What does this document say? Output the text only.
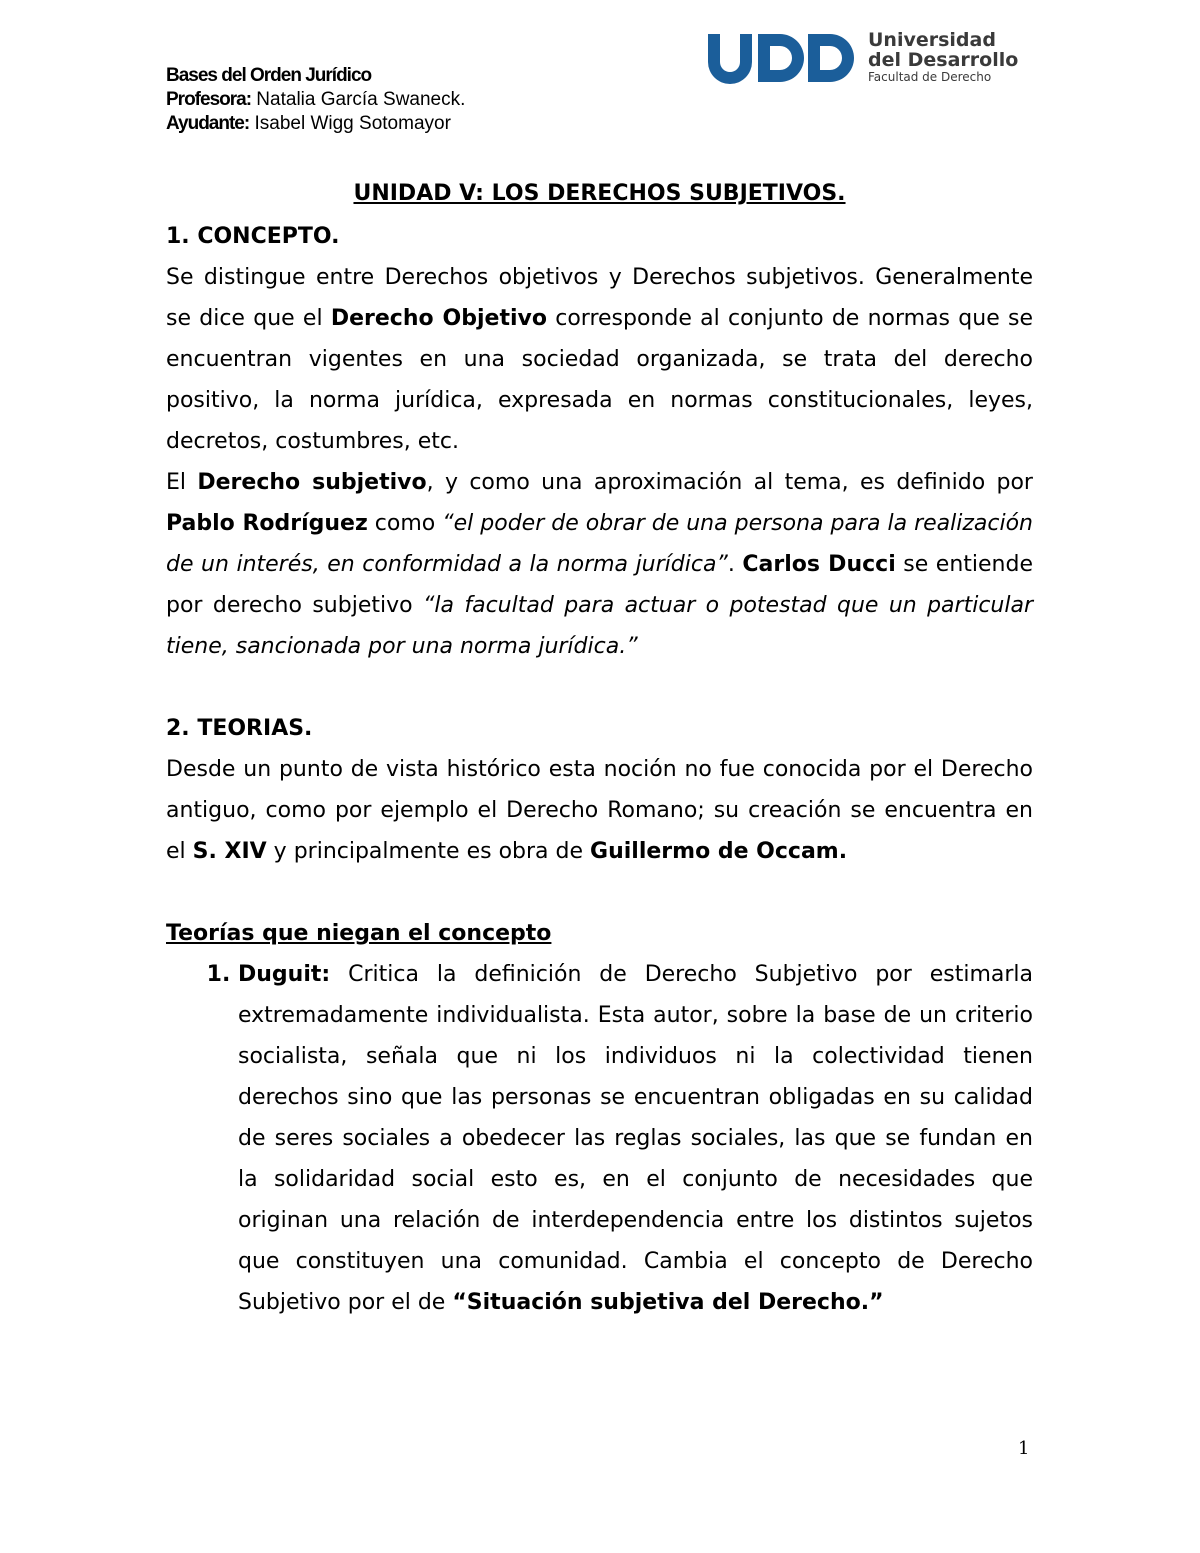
Bases del Orden Jurídico
Profesora: Natalia García Swaneck.
Ayudante: Isabel Wigg Sotomayor
Universidad
del Desarrollo
Facultad de Derecho

UNIDAD V: LOS DERECHOS SUBJETIVOS.

1. CONCEPTO.

Se distingue entre Derechos objetivos y Derechos subjetivos. Generalmente se dice que el Derecho Objetivo corresponde al conjunto de normas que se encuentran vigentes en una sociedad organizada, se trata del derecho positivo, la norma jurídica, expresada en normas constitucionales, leyes, decretos, costumbres, etc.

El Derecho subjetivo, y como una aproximación al tema, es definido por Pablo Rodríguez como “el poder de obrar de una persona para la realización de un interés, en conformidad a la norma jurídica”. Carlos Ducci se entiende por derecho subjetivo “la facultad para actuar o potestad que un particular tiene, sancionada por una norma jurídica.”

2. TEORIAS.

Desde un punto de vista histórico esta noción no fue conocida por el Derecho antiguo, como por ejemplo el Derecho Romano; su creación se encuentra en el S. XIV y principalmente es obra de Guillermo de Occam.

Teorías que niegan el concepto

1. Duguit: Critica la definición de Derecho Subjetivo por estimarla extremadamente individualista. Esta autor, sobre la base de un criterio socialista, señala que ni los individuos ni la colectividad tienen derechos sino que las personas se encuentran obligadas en su calidad de seres sociales a obedecer las reglas sociales, las que se fundan en la solidaridad social esto es, en el conjunto de necesidades que originan una relación de interdependencia entre los distintos sujetos que constituyen una comunidad. Cambia el concepto de Derecho Subjetivo por el de “Situación subjetiva del Derecho.”
1
